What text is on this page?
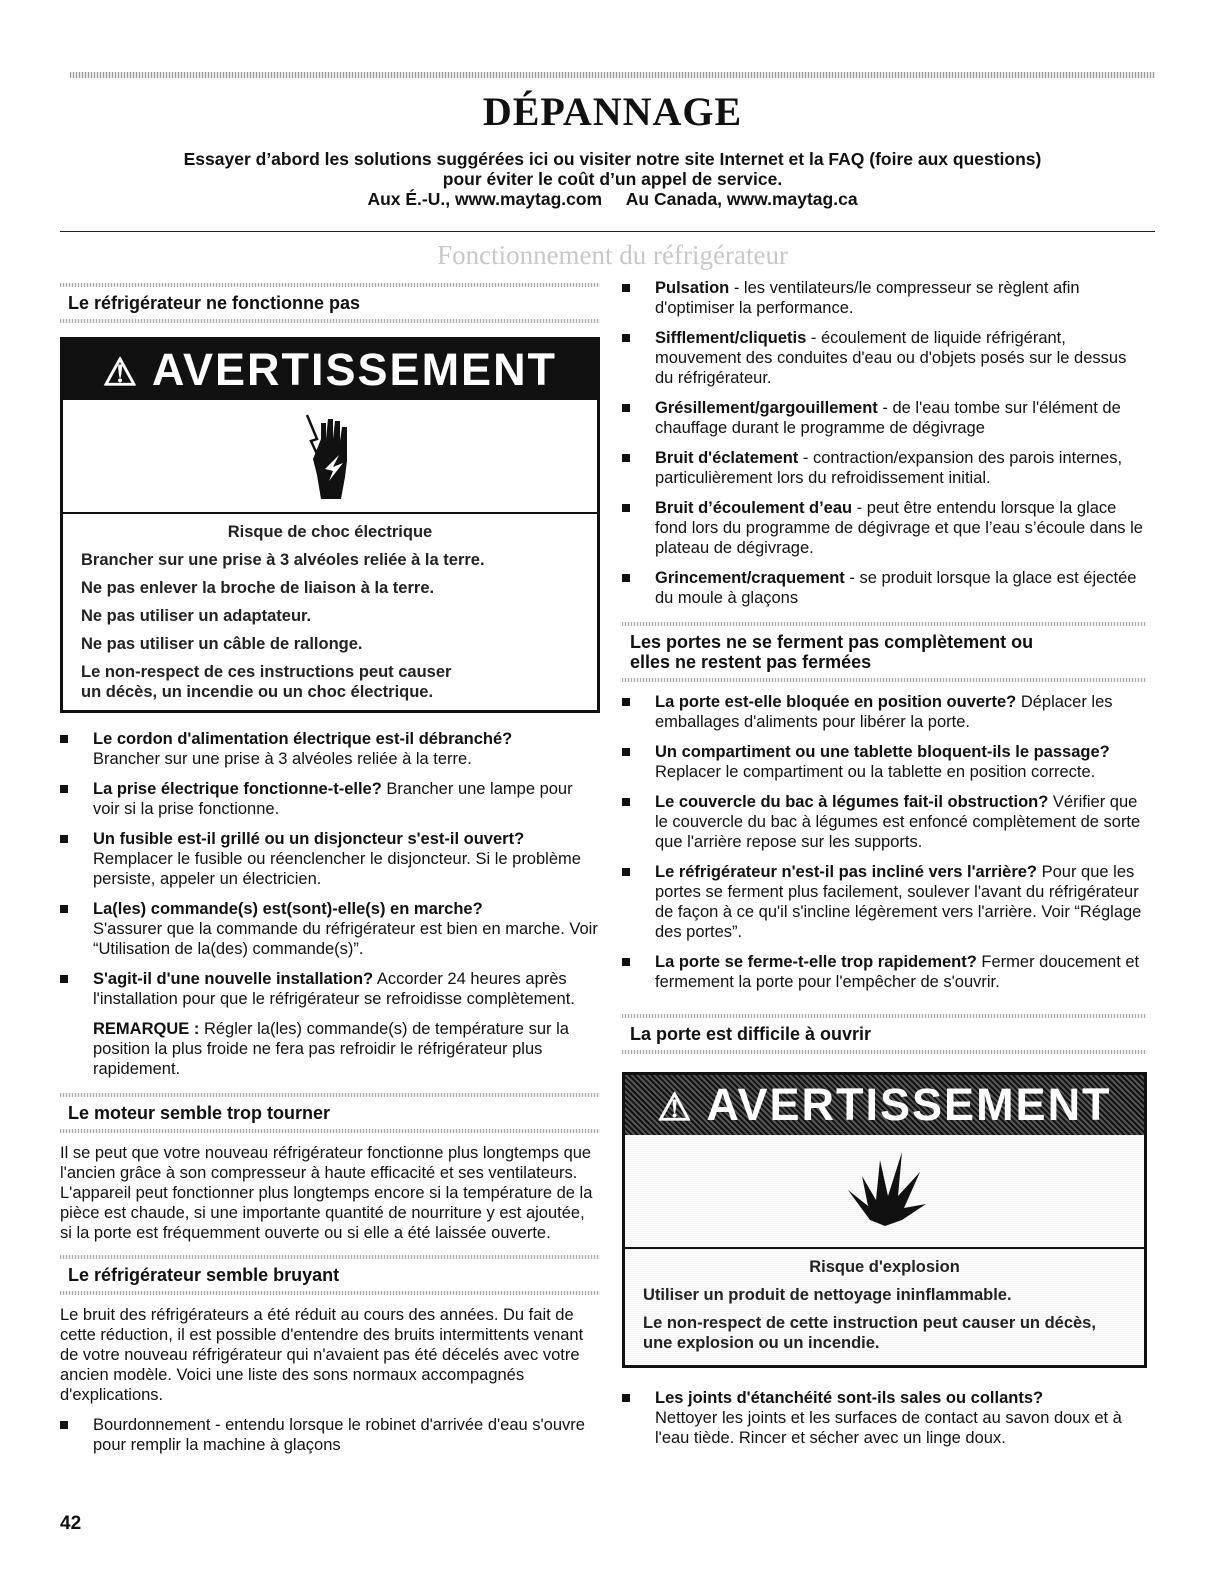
DÉPANNAGE
Essayer d’abord les solutions suggérées ici ou visiter notre site Internet et la FAQ (foire aux questions)
pour éviter le coût d’un appel de service.
Aux É.-U., www.maytag.com     Au Canada, www.maytag.ca
Fonctionnement du réfrigérateur
Le réfrigérateur ne fonctionne pas
⚠ AVERTISSEMENT
Risque de choc électrique
Brancher sur une prise à 3 alvéoles reliée à la terre.
Ne pas enlever la broche de liaison à la terre.
Ne pas utiliser un adaptateur.
Ne pas utiliser un câble de rallonge.
Le non-respect de ces instructions peut causer
un décès, un incendie ou un choc électrique.
Le cordon d'alimentation électrique est-il débranché?
Brancher sur une prise à 3 alvéoles reliée à la terre.
La prise électrique fonctionne-t-elle? Brancher une lampe pour voir si la prise fonctionne.
Un fusible est-il grillé ou un disjoncteur s'est-il ouvert?
Remplacer le fusible ou réenclencher le disjoncteur. Si le problème persiste, appeler un électricien.
La(les) commande(s) est(sont)-elle(s) en marche?
S'assurer que la commande du réfrigérateur est bien en marche. Voir “Utilisation de la(des) commande(s)”.
S'agit-il d'une nouvelle installation? Accorder 24 heures après l'installation pour que le réfrigérateur se refroidisse complètement.
REMARQUE : Régler la(les) commande(s) de température sur la position la plus froide ne fera pas refroidir le réfrigérateur plus rapidement.
Le moteur semble trop tourner

Il se peut que votre nouveau réfrigérateur fonctionne plus longtemps que l'ancien grâce à son compresseur à haute efficacité et ses ventilateurs. L'appareil peut fonctionner plus longtemps encore si la température de la pièce est chaude, si une importante quantité de nourriture y est ajoutée, si la porte est fréquemment ouverte ou si elle a été laissée ouverte.

Le réfrigérateur semble bruyant

Le bruit des réfrigérateurs a été réduit au cours des années. Du fait de cette réduction, il est possible d'entendre des bruits intermittents venant de votre nouveau réfrigérateur qui n'avaient pas été décelés avec votre ancien modèle. Voici une liste des sons normaux accompagnés d'explications.

Bourdonnement - entendu lorsque le robinet d'arrivée d'eau s'ouvre pour remplir la machine à glaçons
Pulsation - les ventilateurs/le compresseur se règlent afin d'optimiser la performance.
Sifflement/cliquetis - écoulement de liquide réfrigérant, mouvement des conduites d'eau ou d'objets posés sur le dessus du réfrigérateur.
Grésillement/gargouillement - de l'eau tombe sur l'élément de chauffage durant le programme de dégivrage
Bruit d'éclatement - contraction/expansion des parois internes, particulièrement lors du refroidissement initial.
Bruit d’écoulement d’eau - peut être entendu lorsque la glace fond lors du programme de dégivrage et que l’eau s’écoule dans le plateau de dégivrage.
Grincement/craquement - se produit lorsque la glace est éjectée du moule à glaçons
Les portes ne se ferment pas complètement ou
elles ne restent pas fermées
La porte est-elle bloquée en position ouverte? Déplacer les emballages d'aliments pour libérer la porte.
Un compartiment ou une tablette bloquent-ils le passage? Replacer le compartiment ou la tablette en position correcte.
Le couvercle du bac à légumes fait-il obstruction? Vérifier que le couvercle du bac à légumes est enfoncé complètement de sorte que l'arrière repose sur les supports.
Le réfrigérateur n'est-il pas incliné vers l'arrière? Pour que les portes se ferment plus facilement, soulever l'avant du réfrigérateur de façon à ce qu'il s'incline légèrement vers l'arrière. Voir “Réglage des portes”.
La porte se ferme-t-elle trop rapidement? Fermer doucement et fermement la porte pour l'empêcher de s'ouvrir.
La porte est difficile à ouvrir
⚠ AVERTISSEMENT
Risque d'explosion
Utiliser un produit de nettoyage ininflammable.
Le non-respect de cette instruction peut causer un décès,
une explosion ou un incendie.
Les joints d'étanchéité sont-ils sales ou collants?
Nettoyer les joints et les surfaces de contact au savon doux et à l'eau tiède. Rincer et sécher avec un linge doux.
42
